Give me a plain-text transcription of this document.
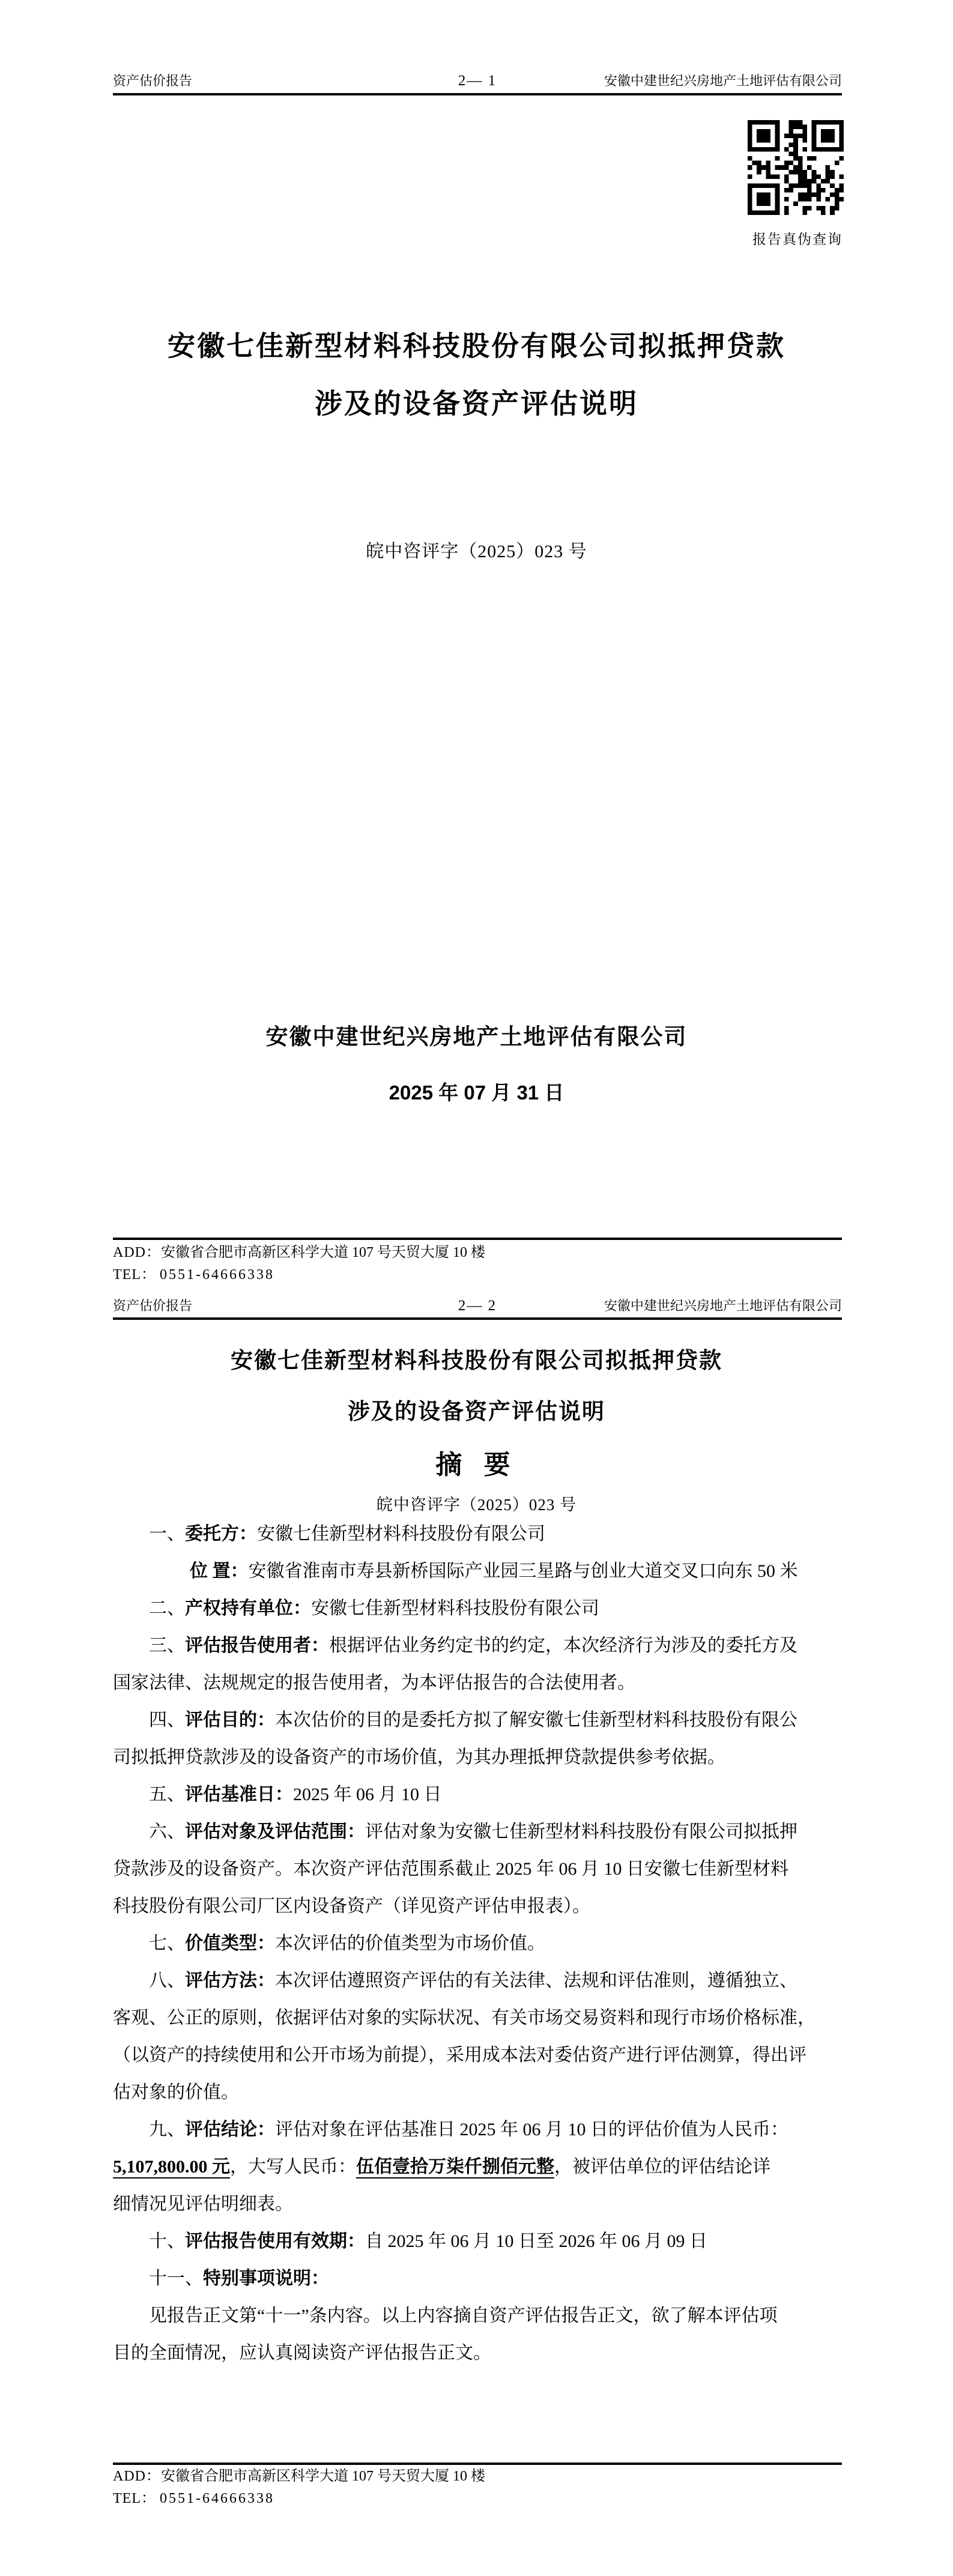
资产估价报告	2— 1	安徽中建世纪兴房地产土地评估有限公司
报告真伪查询
安徽七佳新型材料科技股份有限公司拟抵押贷款
涉及的设备资产评估说明
皖中咨评字（2025）023 号
安徽中建世纪兴房地产土地评估有限公司
2025 年 07 月 31 日
ADD：安徽省合肥市高新区科学大道 107 号天贸大厦 10 楼
TEL： 0551-64666338
资产估价报告	2— 2	安徽中建世纪兴房地产土地评估有限公司
安徽七佳新型材料科技股份有限公司拟抵押贷款
涉及的设备资产评估说明
摘 要
皖中咨评字（2025）023 号
一、委托方：安徽七佳新型材料科技股份有限公司
位 置：安徽省淮南市寿县新桥国际产业园三星路与创业大道交叉口向东 50 米
二、产权持有单位：安徽七佳新型材料科技股份有限公司
三、评估报告使用者：根据评估业务约定书的约定，本次经济行为涉及的委托方及
国家法律、法规规定的报告使用者，为本评估报告的合法使用者。
四、评估目的：本次估价的目的是委托方拟了解安徽七佳新型材料科技股份有限公
司拟抵押贷款涉及的设备资产的市场价值，为其办理抵押贷款提供参考依据。
五、评估基准日：2025 年 06 月 10 日
六、评估对象及评估范围：评估对象为安徽七佳新型材料科技股份有限公司拟抵押
贷款涉及的设备资产。本次资产评估范围系截止 2025 年 06 月 10 日安徽七佳新型材料
科技股份有限公司厂区内设备资产（详见资产评估申报表）。
七、价值类型：本次评估的价值类型为市场价值。
八、评估方法：本次评估遵照资产评估的有关法律、法规和评估准则，遵循独立、
客观、公正的原则，依据评估对象的实际状况、有关市场交易资料和现行市场价格标准，
（以资产的持续使用和公开市场为前提），采用成本法对委估资产进行评估测算，得出评
估对象的价值。
九、评估结论：评估对象在评估基准日 2025 年 06 月 10 日的评估价值为人民币：
5,107,800.00 元，大写人民币：伍佰壹拾万柒仟捌佰元整，被评估单位的评估结论详
细情况见评估明细表。
十、评估报告使用有效期：自 2025 年 06 月 10 日至 2026 年 06 月 09 日
十一、特别事项说明：
见报告正文第“十一”条内容。以上内容摘自资产评估报告正文，欲了解本评估项
目的全面情况，应认真阅读资产评估报告正文。
ADD：安徽省合肥市高新区科学大道 107 号天贸大厦 10 楼
TEL： 0551-64666338
